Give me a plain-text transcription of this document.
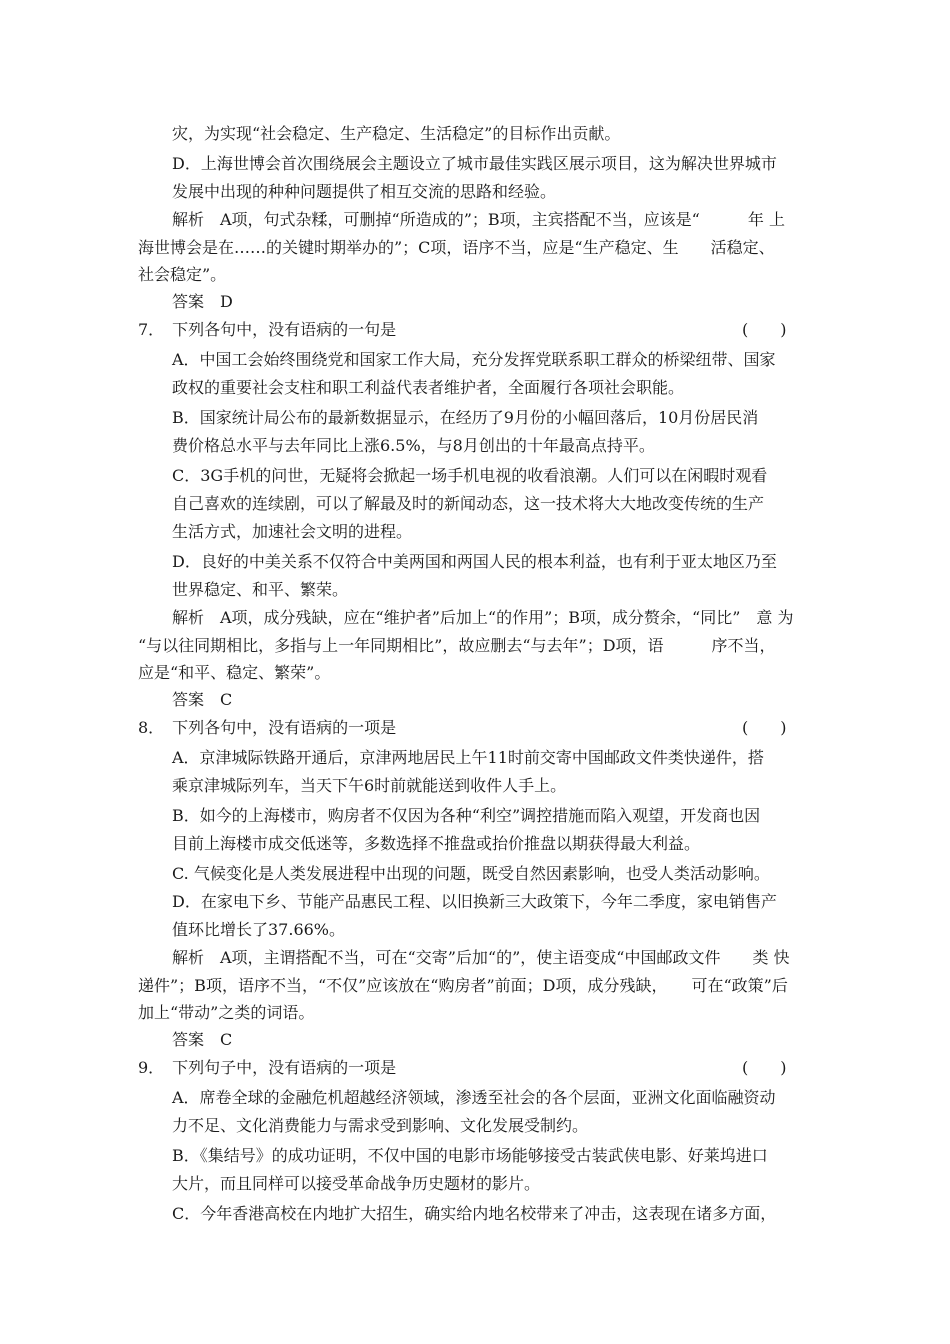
灾，为实现“社会稳定、生产稳定、生活稳定”的目标作出贡献。
D．上海世博会首次围绕展会主题设立了城市最佳实践区展示项目，这为解决世界城市
发展中出现的种种问题提供了相互交流的思路和经验。
解析　A项，句式杂糅，可删掉“所造成的”；B项，主宾搭配不当，应该是“　　　年 上
海世博会是在……的关键时期举办的”；C项，语序不当，应是“生产稳定、生　　活稳定、
社会稳定”。
答案　D
7．　下列各句中，没有语病的一句是	(　　)
A．中国工会始终围绕党和国家工作大局，充分发挥党联系职工群众的桥梁纽带、国家
政权的重要社会支柱和职工利益代表者维护者，全面履行各项社会职能。
B．国家统计局公布的最新数据显示，在经历了9月份的小幅回落后，10月份居民消
费价格总水平与去年同比上涨6.5%，与8月创出的十年最高点持平。
C．3G手机的问世，无疑将会掀起一场手机电视的收看浪潮。人们可以在闲暇时观看
自己喜欢的连续剧，可以了解最及时的新闻动态，这一技术将大大地改变传统的生产
生活方式，加速社会文明的进程。
D．良好的中美关系不仅符合中美两国和两国人民的根本利益，也有利于亚太地区乃至
世界稳定、和平、繁荣。
解析　A项，成分残缺，应在“维护者”后加上“的作用”；B项，成分赘余，“同比”　意 为
“与以往同期相比，多指与上一年同期相比”，故应删去“与去年”；D项，语　　　序不当，
应是“和平、稳定、繁荣”。
答案　C
8．　下列各句中，没有语病的一项是	(　　)
A．京津城际铁路开通后，京津两地居民上午11时前交寄中国邮政文件类快递件，搭
乘京津城际列车，当天下午6时前就能送到收件人手上。
B．如今的上海楼市，购房者不仅因为各种“利空”调控措施而陷入观望，开发商也因
目前上海楼市成交低迷等，多数选择不推盘或抬价推盘以期获得最大利益。
C. 气候变化是人类发展进程中出现的问题，既受自然因素影响，也受人类活动影响。
D．在家电下乡、节能产品惠民工程、以旧换新三大政策下，今年二季度，家电销售产
值环比增长了37.66%。
解析　A项，主谓搭配不当，可在“交寄”后加“的”，使主语变成“中国邮政文件　　类 快
递件”；B项，语序不当，“不仅”应该放在“购房者”前面；D项，成分残缺，　　可在“政策”后
加上“带动”之类的词语。
答案　C
9．　下列句子中，没有语病的一项是	(　　)
A．席卷全球的金融危机超越经济领域，渗透至社会的各个层面，亚洲文化面临融资动
力不足、文化消费能力与需求受到影响、文化发展受制约。
B．《集结号》的成功证明，不仅中国的电影市场能够接受古装武侠电影、好莱坞进口
大片，而且同样可以接受革命战争历史题材的影片。
C．今年香港高校在内地扩大招生，确实给内地名校带来了冲击，这表现在诸多方面，
